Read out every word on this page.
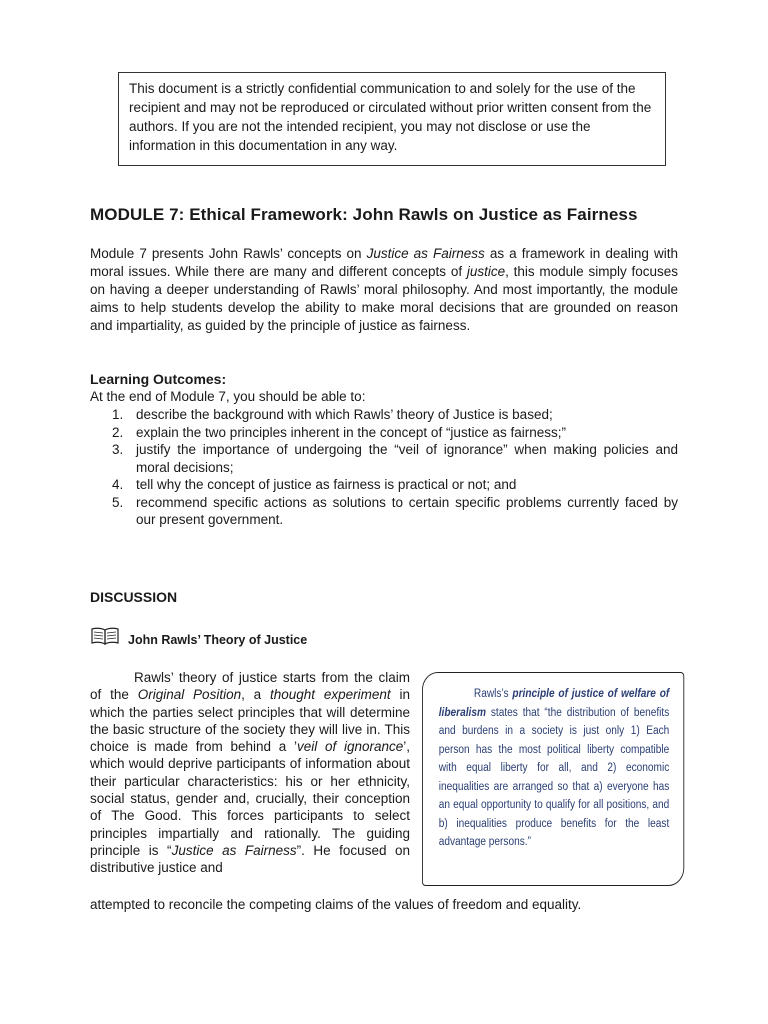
This document is a strictly confidential communication to and solely for the use of the recipient and may not be reproduced or circulated without prior written consent from the authors. If you are not the intended recipient, you may not disclose or use the information in this documentation in any way.
MODULE 7: Ethical Framework: John Rawls on Justice as Fairness
Module 7 presents John Rawls’ concepts on Justice as Fairness as a framework in dealing with moral issues. While there are many and different concepts of justice, this module simply focuses on having a deeper understanding of Rawls’ moral philosophy. And most importantly, the module aims to help students develop the ability to make moral decisions that are grounded on reason and impartiality, as guided by the principle of justice as fairness.
Learning Outcomes:
At the end of Module 7, you should be able to:
1. describe the background with which Rawls’ theory of Justice is based;
2. explain the two principles inherent in the concept of “justice as fairness;”
3. justify the importance of undergoing the “veil of ignorance” when making policies and moral decisions;
4. tell why the concept of justice as fairness is practical or not; and
5. recommend specific actions as solutions to certain specific problems currently faced by our present government.
DISCUSSION
John Rawls’ Theory of Justice
Rawls’ theory of justice starts from the claim of the Original Position, a thought experiment in which the parties select principles that will determine the basic structure of the society they will live in. This choice is made from behind a ’veil of ignorance’, which would deprive participants of information about their particular characteristics: his or her ethnicity, social status, gender and, crucially, their conception of The Good. This forces participants to select principles impartially and rationally. The guiding principle is “Justice as Fairness”. He focused on distributive justice and
attempted to reconcile the competing claims of the values of freedom and equality.
Rawls’s principle of justice of welfare of liberalism states that “the distribution of benefits and burdens in a society is just only 1) Each person has the most political liberty compatible with equal liberty for all, and 2) economic inequalities are arranged so that a) everyone has an equal opportunity to qualify for all positions, and b) inequalities produce benefits for the least advantage persons.”
